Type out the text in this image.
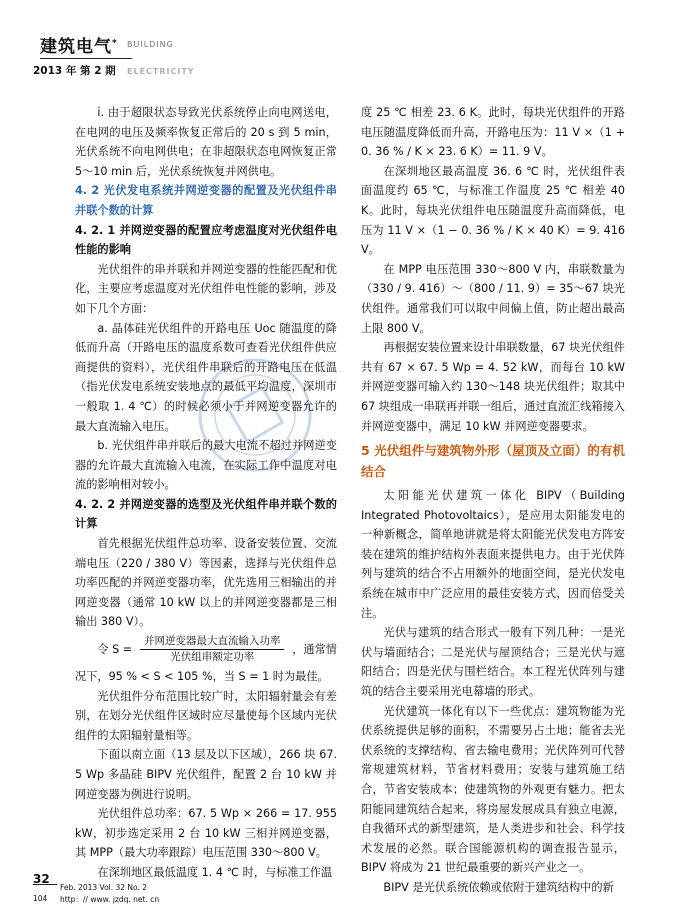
建筑电气* BUILDING
2013 年 第 2 期 ELECTRICITY

i. 由于超限状态导致光伏系统停止向电网送电，在电网的电压及频率恢复正常后的 20 s 到 5 min，光伏系统不向电网供电；在非超限状态电网恢复正常 5～10 min 后，光伏系统恢复并网供电。

4. 2 光伏发电系统并网逆变器的配置及光伏组件串并联个数的计算

4. 2. 1 并网逆变器的配置应考虑温度对光伏组件电性能的影响

光伏组件的串并联和并网逆变器的性能匹配和优化，主要应考虑温度对光伏组件电性能的影响，涉及如下几个方面：

a. 晶体硅光伏组件的开路电压 Uoc 随温度的降低而升高（开路电压的温度系数可查看光伏组件供应商提供的资料），光伏组件串联后的开路电压在低温（指光伏发电系统安装地点的最低平均温度，深圳市一般取 1. 4 ℃）的时候必须小于并网逆变器允许的最大直流输入电压。

b. 光伏组件串并联后的最大电流不超过并网逆变器的允许最大直流输入电流，在实际工作中温度对电流的影响相对较小。

4. 2. 2 并网逆变器的选型及光伏组件串并联个数的计算

首先根据光伏组件总功率、设备安装位置、交流端电压（220 / 380 V）等因素，选择与光伏组件总功率匹配的并网逆变器功率，优先选用三相输出的并网逆变器（通常 10 kW 以上的并网逆变器都是三相输出 380 V）。

令 $S = \frac{\text{并网逆变器最大直流输入功率}}{\text{光伏组串额定功率}}$ ，通常情

况下，95 % < S < 105 %，当 S = 1 时为最佳。

光伏组件分布范围比较广时，太阳辐射量会有差别，在划分光伏组件区域时应尽量使每个区域内光伏组件的太阳辐射量相等。

下面以南立面（13 层及以下区域），266 块 67. 5 Wp 多晶硅 BIPV 光伏组件，配置 2 台 10 kW 并网逆变器为例进行说明。

光伏组件总功率：67. 5 Wp × 266 = 17. 955 kW，初步选定采用 2 台 10 kW 三相并网逆变器，其 MPP（最大功率跟踪）电压范围 330～800 V。

在深圳地区最低温度 1. 4 ℃ 时，与标准工作温

度 25 ℃ 相差 23. 6 K。此时，每块光伏组件的开路电压随温度降低而升高，开路电压为：11 V ×（1 + 0. 36 % / K × 23. 6 K）= 11. 9 V。

在深圳地区最高温度 36. 6 ℃ 时，光伏组件表面温度约 65 ℃，与标准工作温度 25 ℃ 相差 40 K。此时，每块光伏组件电压随温度升高而降低，电压为 11 V ×（1 − 0. 36 % / K × 40 K）= 9. 416 V。

在 MPP 电压范围 330～800 V 内，串联数量为（330 / 9. 416）～（800 / 11. 9）= 35～67 块光伏组件。通常我们可以取中间偏上值，防止超出最高上限 800 V。

再根据安装位置来设计串联数量，67 块光伏组件共有 67 × 67. 5 Wp = 4. 52 kW，而每台 10 kW 并网逆变器可输入约 130～148 块光伏组件；取其中 67 块组成一串联再并联一组后，通过直流汇线箱接入并网逆变器中，满足 10 kW 并网逆变器要求。

5 光伏组件与建筑物外形（屋顶及立面）的有机结合

太阳能光伏建筑一体化 BIPV（Building Integrated Photovoltaics），是应用太阳能发电的一种新概念，简单地讲就是将太阳能光伏发电方阵安装在建筑的维护结构外表面来提供电力。由于光伏阵列与建筑的结合不占用额外的地面空间，是光伏发电系统在城市中广泛应用的最佳安装方式，因而倍受关注。

光伏与建筑的结合形式一般有下列几种：一是光伏与墙面结合；二是光伏与屋顶结合；三是光伏与遮阳结合；四是光伏与围栏结合。本工程光伏阵列与建筑的结合主要采用光电幕墙的形式。

光伏建筑一体化有以下一些优点：建筑物能为光伏系统提供足够的面积，不需要另占土地；能省去光伏系统的支撑结构、省去输电费用；光伏阵列可代替常规建筑材料，节省材料费用；安装与建筑施工结合，节省安装成本；使建筑物的外观更有魅力。把太阳能同建筑结合起来，将房屋发展成具有独立电源，自我循环式的新型建筑，是人类进步和社会、科学技术发展的必然。联合国能源机构的调查报告显示，BIPV 将成为 21 世纪最重要的新兴产业之一。

BIPV 是光伏系统依赖或依附于建筑结构中的新

32
Feb. 2013 Vol. 32 No. 2
104 http：// www. jzdq. net. cn
